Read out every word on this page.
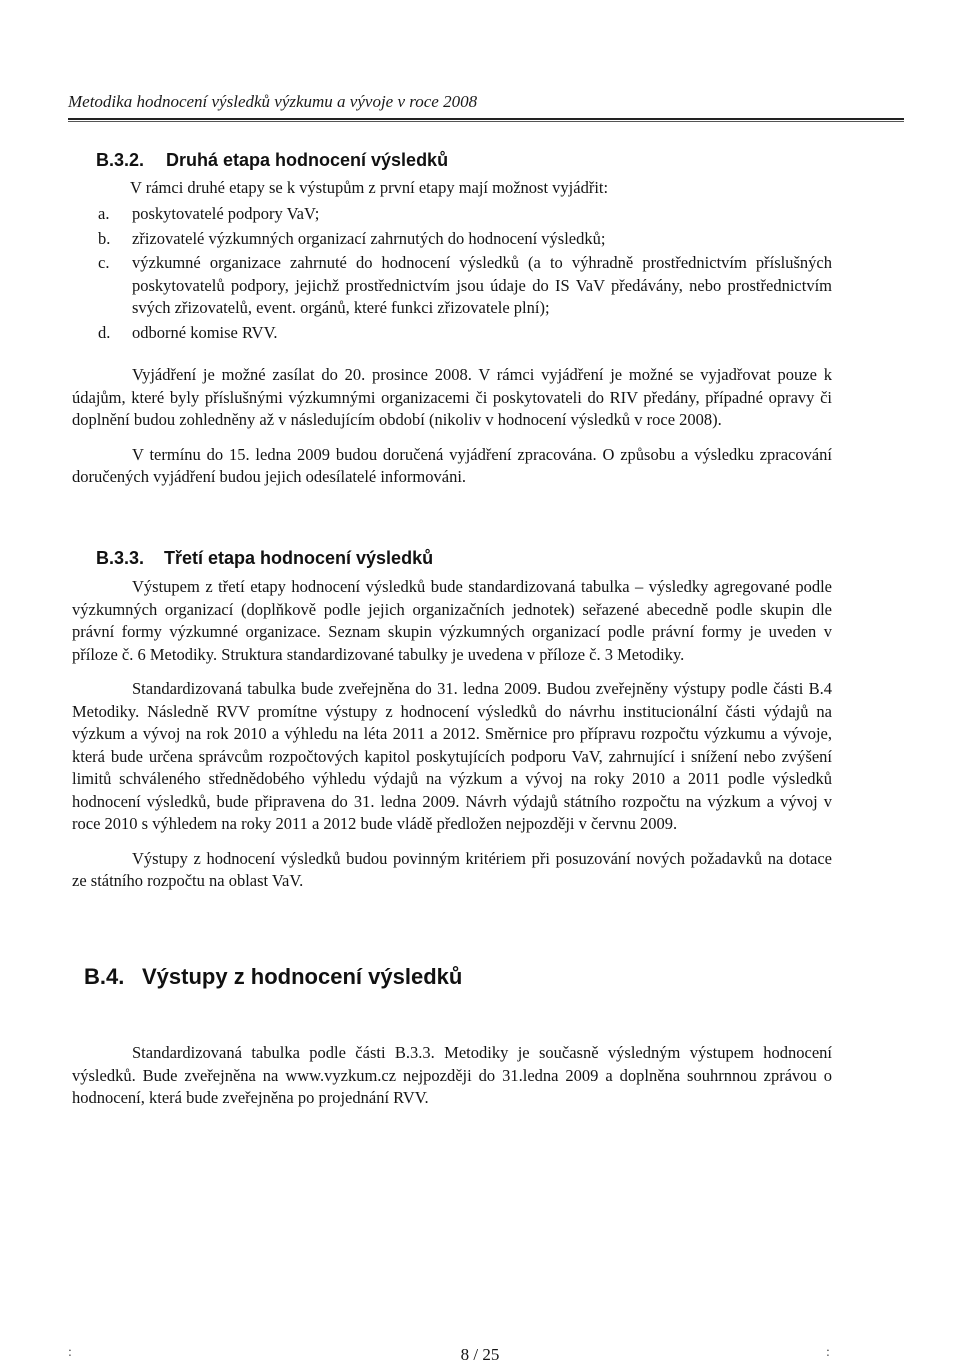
Metodika hodnocení výsledků výzkumu a vývoje v roce 2008
B.3.2. Druhá etapa hodnocení výsledků
V rámci druhé etapy se k výstupům z první etapy mají možnost vyjádřit:
a.	poskytovatelé podpory VaV;
b.	zřizovatelé výzkumných organizací zahrnutých do hodnocení výsledků;
c.	výzkumné organizace zahrnuté do hodnocení výsledků (a to výhradně prostřednictvím příslušných poskytovatelů podpory, jejichž prostřednictvím jsou údaje do IS VaV předávány, nebo prostřednictvím svých zřizovatelů, event. orgánů, které funkci zřizovatele plní);
d.	odborné komise RVV.

Vyjádření je možné zasílat do 20. prosince 2008. V rámci vyjádření je možné se vyjadřovat pouze k údajům, které byly příslušnými výzkumnými organizacemi či poskytovateli do RIV předány, případné opravy či doplnění budou zohledněny až v následujícím období (nikoliv v hodnocení výsledků v roce 2008).

V termínu do 15. ledna 2009 budou doručená vyjádření zpracována. O způsobu a výsledku zpracování doručených vyjádření budou jejich odesílatelé informováni.

B.3.3. Třetí etapa hodnocení výsledků

Výstupem z třetí etapy hodnocení výsledků bude standardizovaná tabulka – výsledky agregované podle výzkumných organizací (doplňkově podle jejich organizačních jednotek) seřazené abecedně podle skupin dle právní formy výzkumné organizace. Seznam skupin výzkumných organizací podle právní formy je uveden v příloze č. 6 Metodiky. Struktura standardizované tabulky je uvedena v příloze č. 3 Metodiky.

Standardizovaná tabulka bude zveřejněna do 31. ledna 2009. Budou zveřejněny výstupy podle části B.4 Metodiky. Následně RVV promítne výstupy z hodnocení výsledků do návrhu institucionální části výdajů na výzkum a vývoj na rok 2010 a výhledu na léta 2011 a 2012. Směrnice pro přípravu rozpočtu výzkumu a vývoje, která bude určena správcům rozpočtových kapitol poskytujících podporu VaV, zahrnující i snížení nebo zvýšení limitů schváleného střednědobého výhledu výdajů na výzkum a vývoj na roky 2010 a 2011 podle výsledků hodnocení výsledků, bude připravena do 31. ledna 2009. Návrh výdajů státního rozpočtu na výzkum a vývoj v roce 2010 s výhledem na roky 2011 a 2012 bude vládě předložen nejpozději v červnu 2009.

Výstupy z hodnocení výsledků budou povinným kritériem při posuzování nových požadavků na dotace ze státního rozpočtu na oblast VaV.

B.4. Výstupy z hodnocení výsledků

Standardizovaná tabulka podle části B.3.3. Metodiky je současně výsledným výstupem hodnocení výsledků. Bude zveřejněna na www.vyzkum.cz nejpozději do 31.ledna 2009 a doplněna souhrnnou zprávou o hodnocení, která bude zveřejněna po projednání RVV.

:	8 / 25	:
